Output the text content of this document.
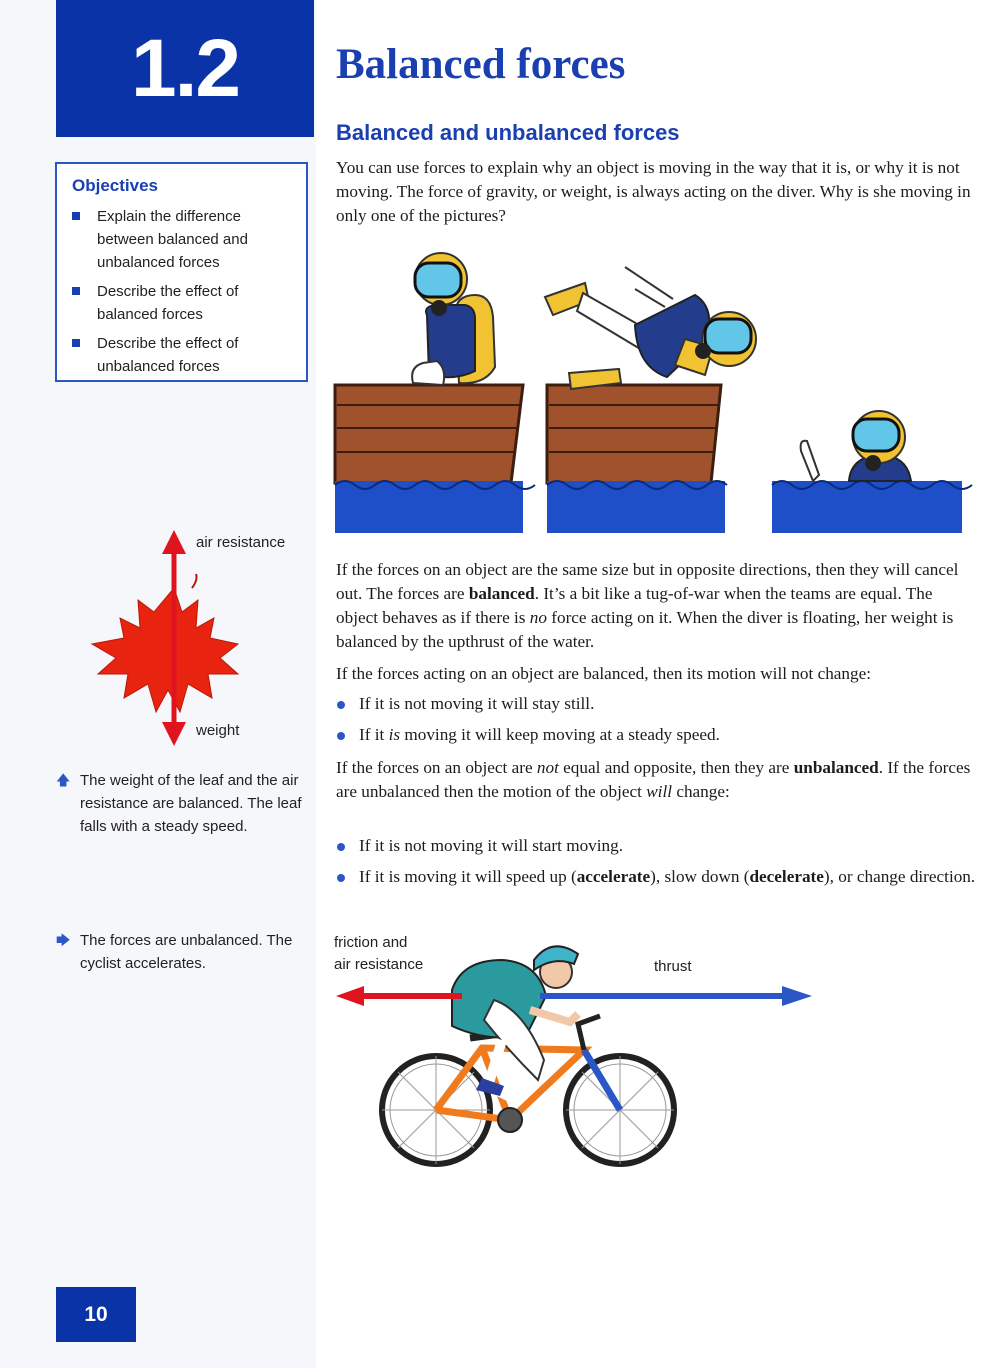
1.2 Balanced forces
Balanced and unbalanced forces
Objectives
Explain the difference between balanced and unbalanced forces
Describe the effect of balanced forces
Describe the effect of unbalanced forces

You can use forces to explain why an object is moving in the way that it is, or why it is not moving. The force of gravity, or weight, is always acting on the diver. Why is she moving in only one of the pictures?

If the forces on an object are the same size but in opposite directions, then they will cancel out. The forces are balanced. It’s a bit like a tug-of-war when the teams are equal. The object behaves as if there is no force acting on it. When the diver is floating, her weight is balanced by the upthrust of the water.

If the forces acting on an object are balanced, then its motion will not change:

If it is not moving it will stay still.
If it is moving it will keep moving at a steady speed.

If the forces on an object are not equal and opposite, then they are unbalanced. If the forces are unbalanced then the motion of the object will change:

If it is not moving it will start moving.
If it is moving it will speed up (accelerate), slow down (decelerate), or change direction.
air resistance
weight
🡅 The weight of the leaf and the air resistance are balanced. The leaf falls with a steady speed.
🡆 The forces are unbalanced. The cyclist accelerates.
friction and
air resistance	thrust
10
